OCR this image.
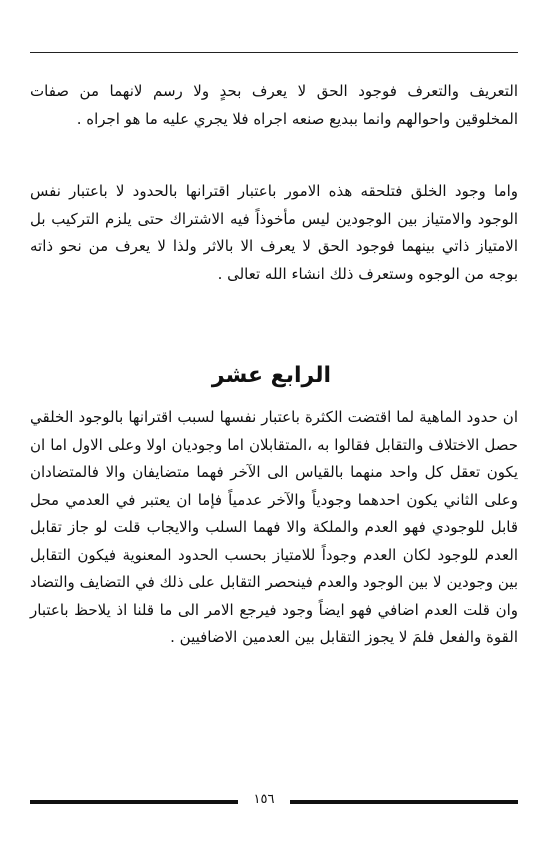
التعريف والتعرف فوجود الحق لا يعرف بحدٍ ولا رسم لانهما من صفات المخلوقين واحوالهم وانما ببديع صنعه اجراه فلا يجري عليه ما هو اجراه .

واما وجود الخلق فتلحقه هذه الامور باعتبار اقترانها بالحدود لا باعتبار نفس الوجود والامتياز بين الوجودين ليس مأخوذاً فيه الاشتراك حتى يلزم التركيب بل الامتياز ذاتي بينهما فوجود الحق لا يعرف الا بالاثر ولذا لا يعرف من نحو ذاته بوجه من الوجوه وستعرف ذلك انشاء الله تعالى .

الرابع عشر

ان حدود الماهية لما اقتضت الكثرة باعتبار نفسها لسبب اقترانها بالوجود الخلقي حصل الاختلاف والتقابل فقالوا به ،المتقابلان اما وجوديان اولا وعلى الاول اما ان يكون تعقل كل واحد منهما بالقياس الى الآخر فهما متضايفان والا فالمتضادان وعلى الثاني يكون احدهما وجودياً والآخر عدمياً فإما ان يعتبر في العدمي محل قابل للوجودي فهو العدم والملكة والا فهما السلب والايجاب قلت لو جاز تقابل العدم للوجود لكان العدم وجوداً للامتياز بحسب الحدود المعنوية فيكون التقابل بين وجودين لا بين الوجود والعدم فينحصر التقابل على ذلك في التضايف والتضاد وان قلت العدم اضافي فهو ايضاً وجود فيرجع الامر الى ما قلنا اذ يلاحظ باعتبار القوة والفعل فلمَ لا يجوز التقابل بين العدمين الاضافيين .

١٥٦
